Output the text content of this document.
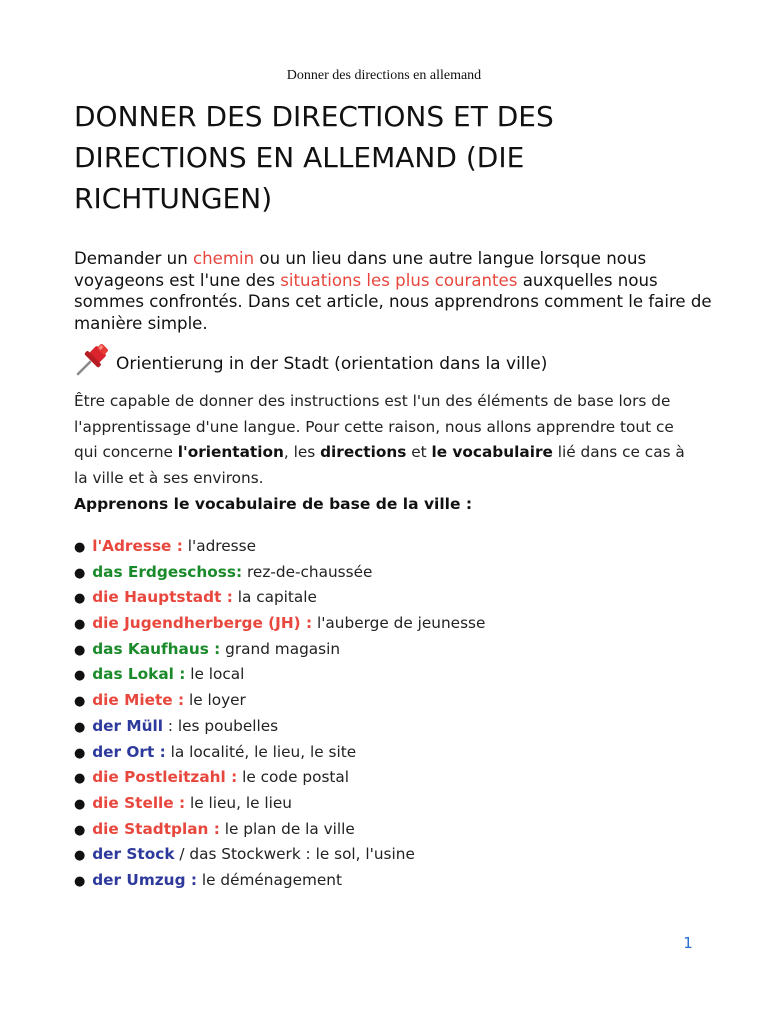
Donner des directions en allemand
DONNER DES DIRECTIONS ET DES DIRECTIONS EN ALLEMAND (DIE RICHTUNGEN)

Demander un chemin ou un lieu dans une autre langue lorsque nous voyageons est l'une des situations les plus courantes auxquelles nous sommes confrontés. Dans cet article, nous apprendrons comment le faire de manière simple.

Orientierung in der Stadt (orientation dans la ville)

Être capable de donner des instructions est l'un des éléments de base lors de l'apprentissage d'une langue. Pour cette raison, nous allons apprendre tout ce qui concerne l'orientation, les directions et le vocabulaire lié dans ce cas à la ville et à ses environs.

Apprenons le vocabulaire de base de la ville :

● l'Adresse : l'adresse
● das Erdgeschoss: rez-de-chaussée
● die Hauptstadt : la capitale
● die Jugendherberge (JH) : l'auberge de jeunesse
● das Kaufhaus : grand magasin
● das Lokal : le local
● die Miete : le loyer
● der Müll : les poubelles
● der Ort : la localité, le lieu, le site
● die Postleitzahl : le code postal
● die Stelle : le lieu, le lieu
● die Stadtplan : le plan de la ville
● der Stock / das Stockwerk : le sol, l'usine
● der Umzug : le déménagement
1
